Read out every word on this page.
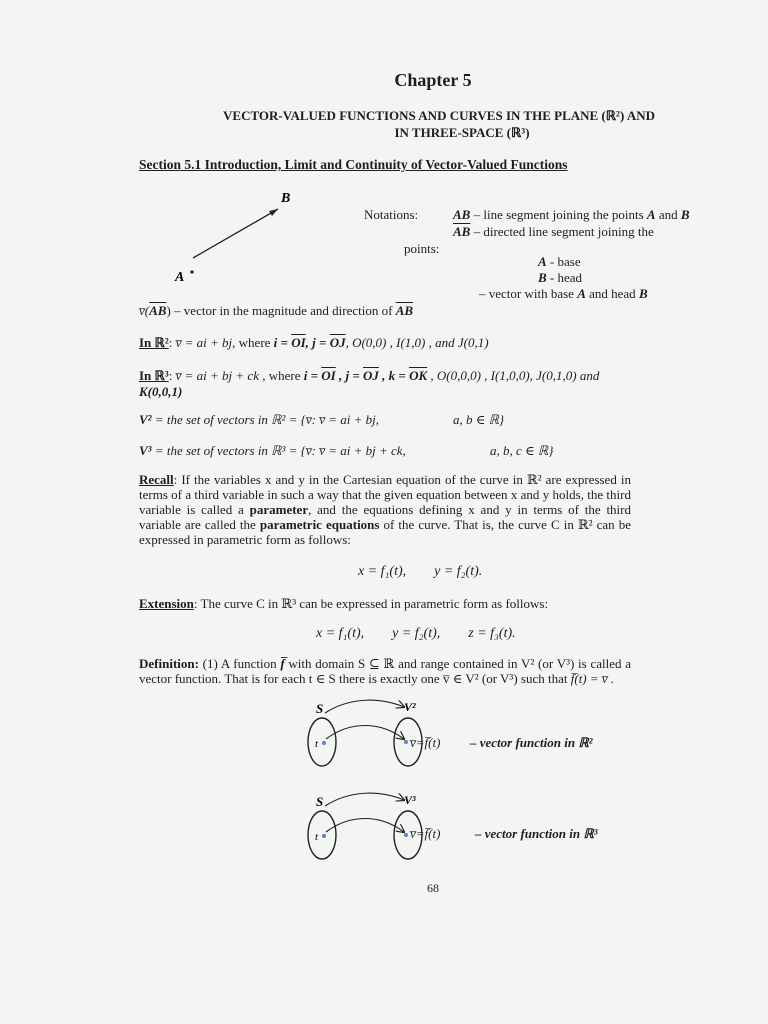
Chapter 5
VECTOR-VALUED FUNCTIONS AND CURVES IN THE PLANE (ℝ²) AND
IN THREE-SPACE (ℝ³)
Section 5.1 Introduction, Limit and Continuity of Vector-Valued Functions
B
A
Notations:	AB – line segment joining the points A and B
$\overline{AB}$ – directed line segment joining the
points:
A - base
B - head
– vector with base A and head B
$v̅(\overline{AB})$ – vector in the magnitude and direction of $\overline{AB}$
In ℝ²: v̅ = ai + bj, where $i = \overline{OI}$, $j = \overline{OJ}$, O(0,0) , I(1,0) , and J(0,1)
In ℝ³: v̅ = ai + bj + ck , where $i = \overline{OI}$ , $j = \overline{OJ}$ , $k = \overline{OK}$ , O(0,0,0) , I(1,0,0), J(0,1,0) and
K(0,0,1)
V² = the set of vectors in ℝ² = {v̅: v̅ = ai + bj,	a, b ∈ ℝ}
V³ = the set of vectors in ℝ³ = {v̅: v̅ = ai + bj + ck,	a, b, c ∈ ℝ}
Recall: If the variables x and y in the Cartesian equation of the curve in ℝ² are expressed in terms of a third variable in such a way that the given equation between x and y holds, the third variable is called a parameter, and the equations defining x and y in terms of the third variable are called the parametric equations of the curve. That is, the curve C in ℝ² can be expressed in parametric form as follows:
x = f₁(t),        y = f₂(t).
Extension: The curve C in ℝ³ can be expressed in parametric form as follows:
x = f₁(t),        y = f₂(t),        z = f₃(t).
Definition: (1) A function f̅ with domain S ⊆ ℝ and range contained in V² (or V³) is called a vector function. That is for each t ∈ S there is exactly one v̅ ∈ V² (or V³) such that f̅(t) = v̅ .
S	V²
t	v̅=f̅(t) – vector function in ℝ²
S	V³
t	v̅=f̅(t)	– vector function in ℝ³
68
